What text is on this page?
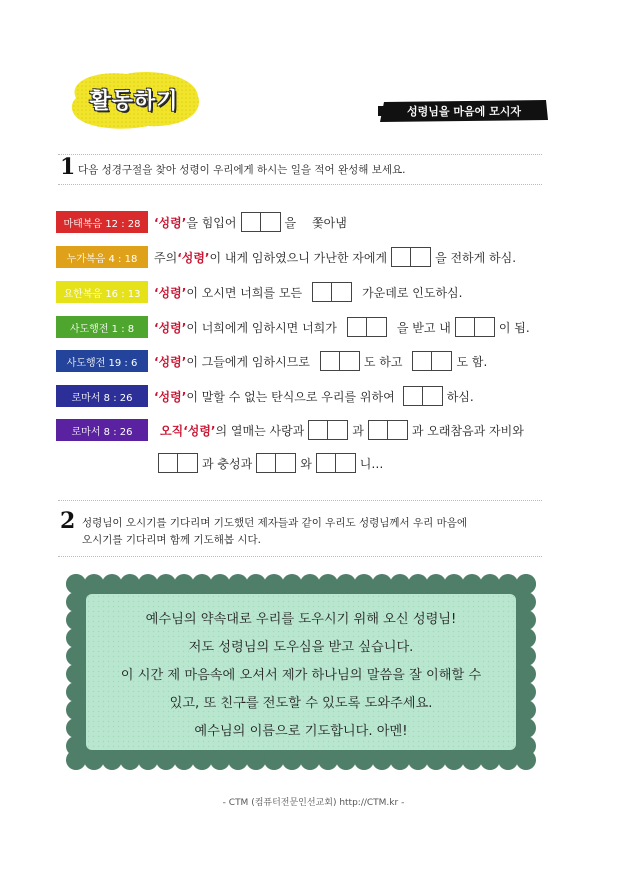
활동하기	성령님을 마음에 모시자
1 다음 성경구절을 찾아 성령이 우리에게 하시는 일을 적어 완성해 보세요.
마태복음 12 : 28	‘성령’ 을 힘입어	을 쫓아냄
누가복음 4 : 18	주의 ‘성령’ 이 내게 임하였으니 가난한 자에게	을 전하게 하심.
요한복음 16 : 13	‘성령’ 이 오시면 너희를 모든	가운데로 인도하심.
사도행전 1 : 8	‘성령’ 이 너희에게 임하시면 너희가	을 받고 내	이 됨.
사도행전 19 : 6	‘성령’ 이 그들에게 임하시므로	도 하고	도 함.
로마서 8 : 26	‘성령’ 이 말할 수 없는 탄식으로 우리를 위하여	하심.
로마서 8 : 26	오직 ‘성령’ 의 열매는 사랑과	과	과 오래참음과 자비와
과 충성과	와	니…
2 성령님이 오시기를 기다리며 기도했던 제자들과 같이 우리도 성령님께서 우리 마음에
오시기를 기다리며 함께 기도해봅 시다.
예수님의 약속대로 우리를 도우시기 위해 오신 성령님!
저도 성령님의 도우심을 받고 싶습니다.
이 시간 제 마음속에 오셔서 제가 하나님의 말씀을 잘 이해할 수
있고, 또 친구를 전도할 수 있도록 도와주세요.
예수님의 이름으로 기도합니다. 아멘!
- CTM (컴퓨터전문인선교회) http://CTM.kr -
